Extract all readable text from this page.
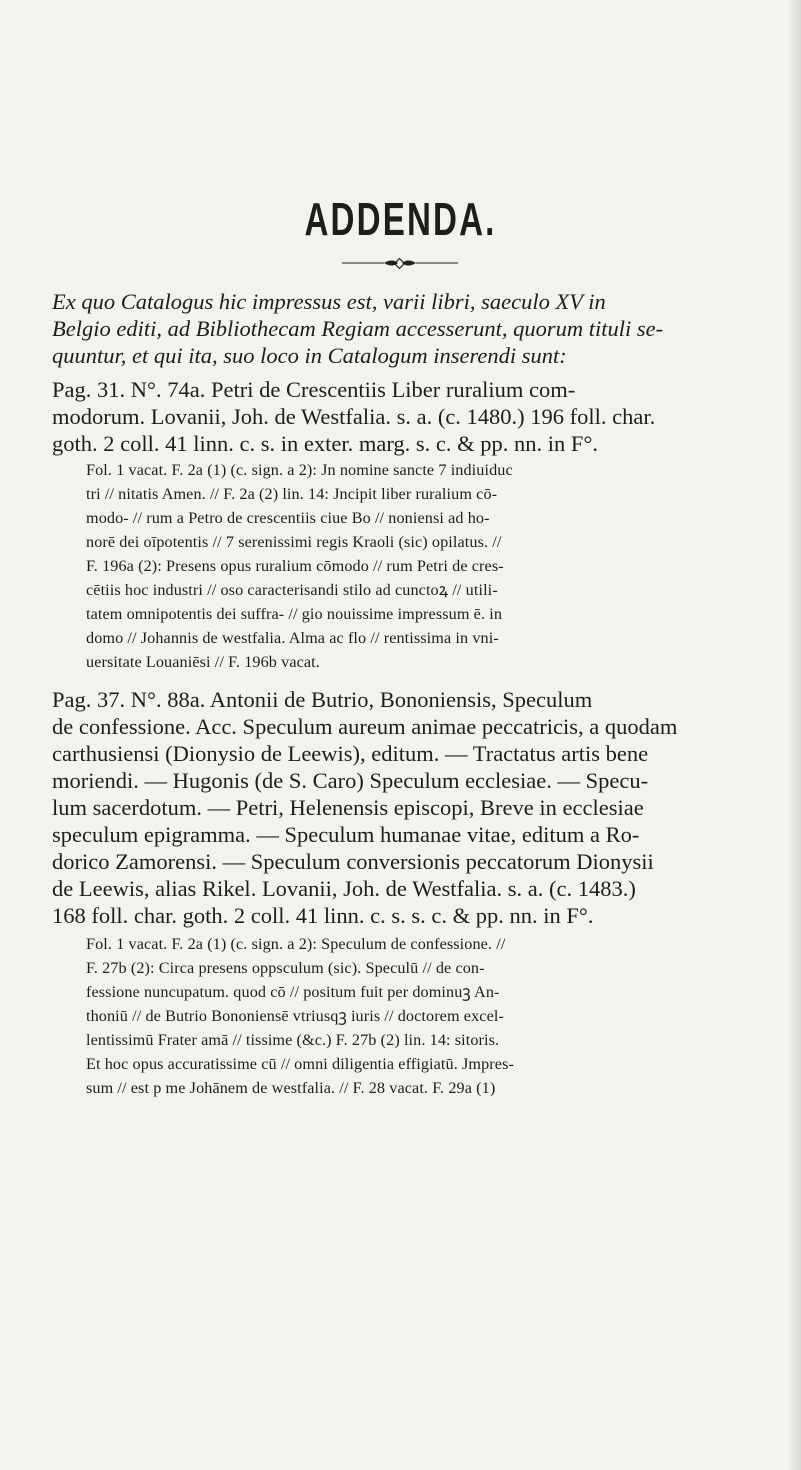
ADDENDA.
Ex quo Catalogus hic impressus est, varii libri, saeculo XV in
Belgio editi, ad Bibliothecam Regiam accesserunt, quorum tituli se-
quuntur, et qui ita, suo loco in Catalogum inserendi sunt:
Pag. 31. N°. 74a. Petri de Crescentiis Liber ruralium com-
modorum. Lovanii, Joh. de Westfalia. s. a. (c. 1480.) 196 foll. char.
goth. 2 coll. 41 linn. c. s. in exter. marg. s. c. & pp. nn. in F°.
Fol. 1 vacat. F. 2a (1) (c. sign. a 2): Jn nomine sancte 7 indiuiduc
tri // nitatis Amen. // F. 2a (2) lin. 14: Jncipit liber ruralium cō-
modo- // rum a Petro de crescentiis ciue Bo // noniensi ad ho-
norē dei oīpotentis // 7 serenissimi regis Kraoli (sic) opilatus. //
F. 196a (2): Presens opus ruralium cōmodo // rum Petri de cres-
cētiis hoc industri // oso caracterisandi stilo ad cunctoꝝ // utili-
tatem omnipotentis dei suffra- // gio nouissime impressum ē. in
domo // Johannis de westfalia. Alma ac flo // rentissima in vni-
uersitate Louaniēsi // F. 196b vacat.
Pag. 37. N°. 88a. Antonii de Butrio, Bononiensis, Speculum
de confessione. Acc. Speculum aureum animae peccatricis, a quodam
carthusiensi (Dionysio de Leewis), editum. — Tractatus artis bene
moriendi. — Hugonis (de S. Caro) Speculum ecclesiae. — Specu-
lum sacerdotum. — Petri, Helenensis episcopi, Breve in ecclesiae
speculum epigramma. — Speculum humanae vitae, editum a Ro-
dorico Zamorensi. — Speculum conversionis peccatorum Dionysii
de Leewis, alias Rikel. Lovanii, Joh. de Westfalia. s. a. (c. 1483.)
168 foll. char. goth. 2 coll. 41 linn. c. s. s. c. & pp. nn. in F°.
Fol. 1 vacat. F. 2a (1) (c. sign. a 2): Speculum de confessione. //
F. 27b (2): Circa presens oppsculum (sic). Speculū // de con-
fessione nuncupatum. quod cō // positum fuit per dominuꝫ An-
thoniū // de Butrio Bononiensē vtriusqꝫ iuris // doctorem excel-
lentissimū Frater amā // tissime (&c.) F. 27b (2) lin. 14: sitoris.
Et hoc opus accuratissime cū // omni diligentia effigiatū. Jmpres-
sum // est p me Johānem de westfalia. // F. 28 vacat. F. 29a (1)
